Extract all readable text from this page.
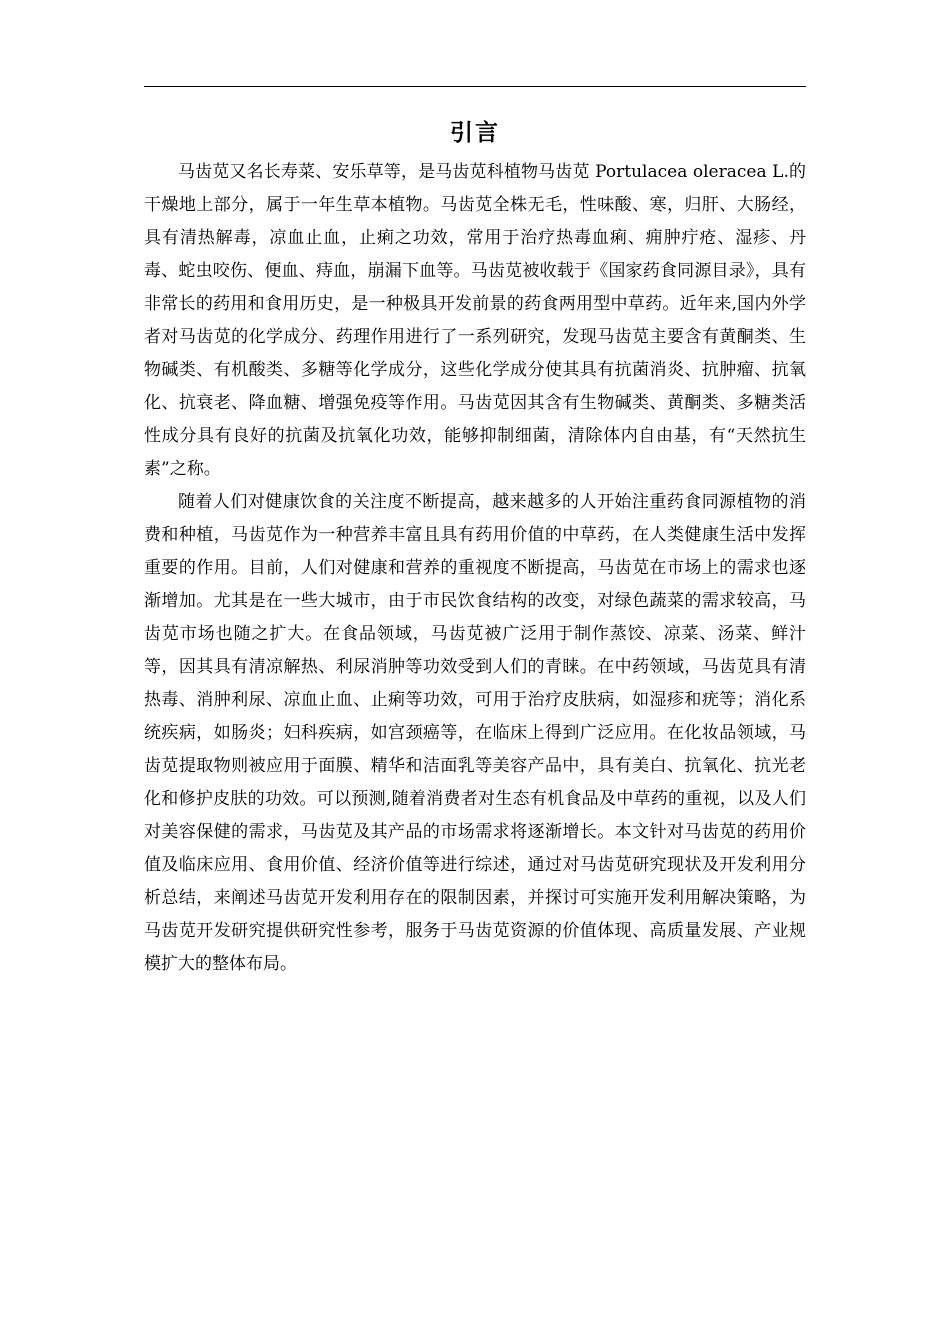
引言

马齿苋又名长寿菜、安乐草等，是马齿苋科植物马齿苋 Portulacea oleracea L.的干燥地上部分，属于一年生草本植物。马齿苋全株无毛，性味酸、寒，归肝、大肠经，具有清热解毒，凉血止血，止痢之功效，常用于治疗热毒血痢、痈肿疔疮、湿疹、丹毒、蛇虫咬伤、便血、痔血，崩漏下血等。马齿苋被收载于《国家药食同源目录》，具有非常长的药用和食用历史，是一种极具开发前景的药食两用型中草药。近年来,国内外学者对马齿苋的化学成分、药理作用进行了一系列研究，发现马齿苋主要含有黄酮类、生物碱类、有机酸类、多糖等化学成分，这些化学成分使其具有抗菌消炎、抗肿瘤、抗氧化、抗衰老、降血糖、增强免疫等作用。马齿苋因其含有生物碱类、黄酮类、多糖类活性成分具有良好的抗菌及抗氧化功效，能够抑制细菌，清除体内自由基，有“天然抗生素”之称。

随着人们对健康饮食的关注度不断提高，越来越多的人开始注重药食同源植物的消费和种植，马齿苋作为一种营养丰富且具有药用价值的中草药，在人类健康生活中发挥重要的作用。目前，人们对健康和营养的重视度不断提高，马齿苋在市场上的需求也逐渐增加。尤其是在一些大城市，由于市民饮食结构的改变，对绿色蔬菜的需求较高，马齿苋市场也随之扩大。在食品领域，马齿苋被广泛用于制作蒸饺、凉菜、汤菜、鲜汁等，因其具有清凉解热、利尿消肿等功效受到人们的青睐。在中药领域，马齿苋具有清热毒、消肿利尿、凉血止血、止痢等功效，可用于治疗皮肤病，如湿疹和疣等；消化系统疾病，如肠炎；妇科疾病，如宫颈癌等，在临床上得到广泛应用。在化妆品领域，马齿苋提取物则被应用于面膜、精华和洁面乳等美容产品中，具有美白、抗氧化、抗光老化和修护皮肤的功效。可以预测,随着消费者对生态有机食品及中草药的重视，以及人们对美容保健的需求，马齿苋及其产品的市场需求将逐渐增长。本文针对马齿苋的药用价值及临床应用、食用价值、经济价值等进行综述，通过对马齿苋研究现状及开发利用分析总结，来阐述马齿苋开发利用存在的限制因素，并探讨可实施开发利用解决策略，为马齿苋开发研究提供研究性参考，服务于马齿苋资源的价值体现、高质量发展、产业规模扩大的整体布局。
